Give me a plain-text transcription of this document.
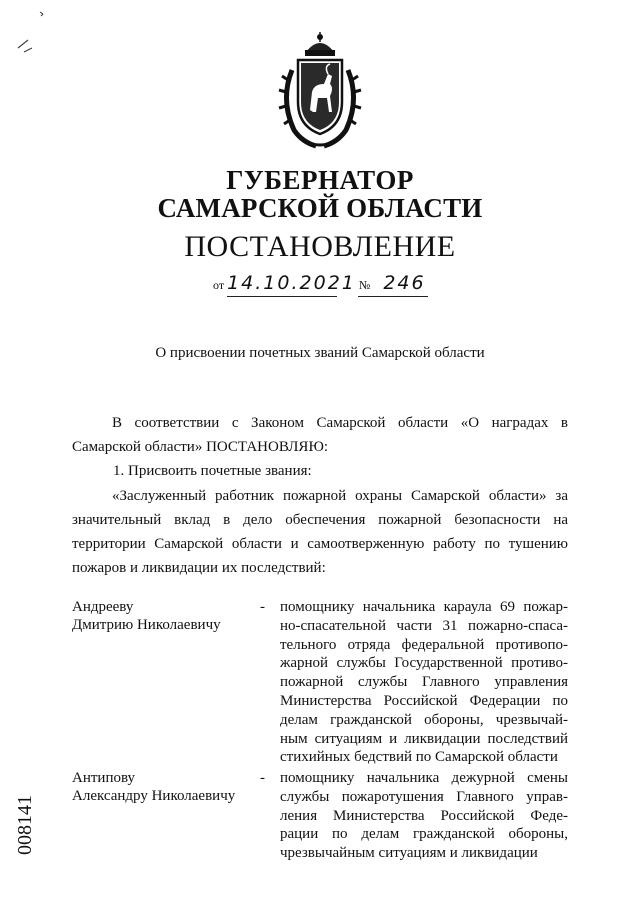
ГУБЕРНАТОР
САМАРСКОЙ ОБЛАСТИ
ПОСТАНОВЛЕНИЕ
от 14.10.2021 № 246
О присвоении почетных званий Самарской области
В соответствии с Законом Самарской области «О наградах в Самарской области» ПОСТАНОВЛЯЮ:
1. Присвоить почетные звания:
«Заслуженный работник пожарной охраны Самарской области» за значительный вклад в дело обеспечения пожарной безопасности на территории Самарской области и самоотверженную работу по тушению пожаров и ликвидации их последствий:
Андрееву
Дмитрию Николаевичу
- помощнику начальника караула 69 пожар-но-спасательной части 31 пожарно-спаса-тельного отряда федеральной противопо-жарной службы Государственной противо-пожарной службы Главного управления Министерства Российской Федерации по делам гражданской обороны, чрезвычай-ным ситуациям и ликвидации последствий стихийных бедствий по Самарской области
Антипову
Александру Николаевичу
- помощнику начальника дежурной смены службы пожаротушения Главного управ-ления Министерства Российской Феде-рации по делам гражданской обороны, чрезвычайным ситуациям и ликвидации
008141
